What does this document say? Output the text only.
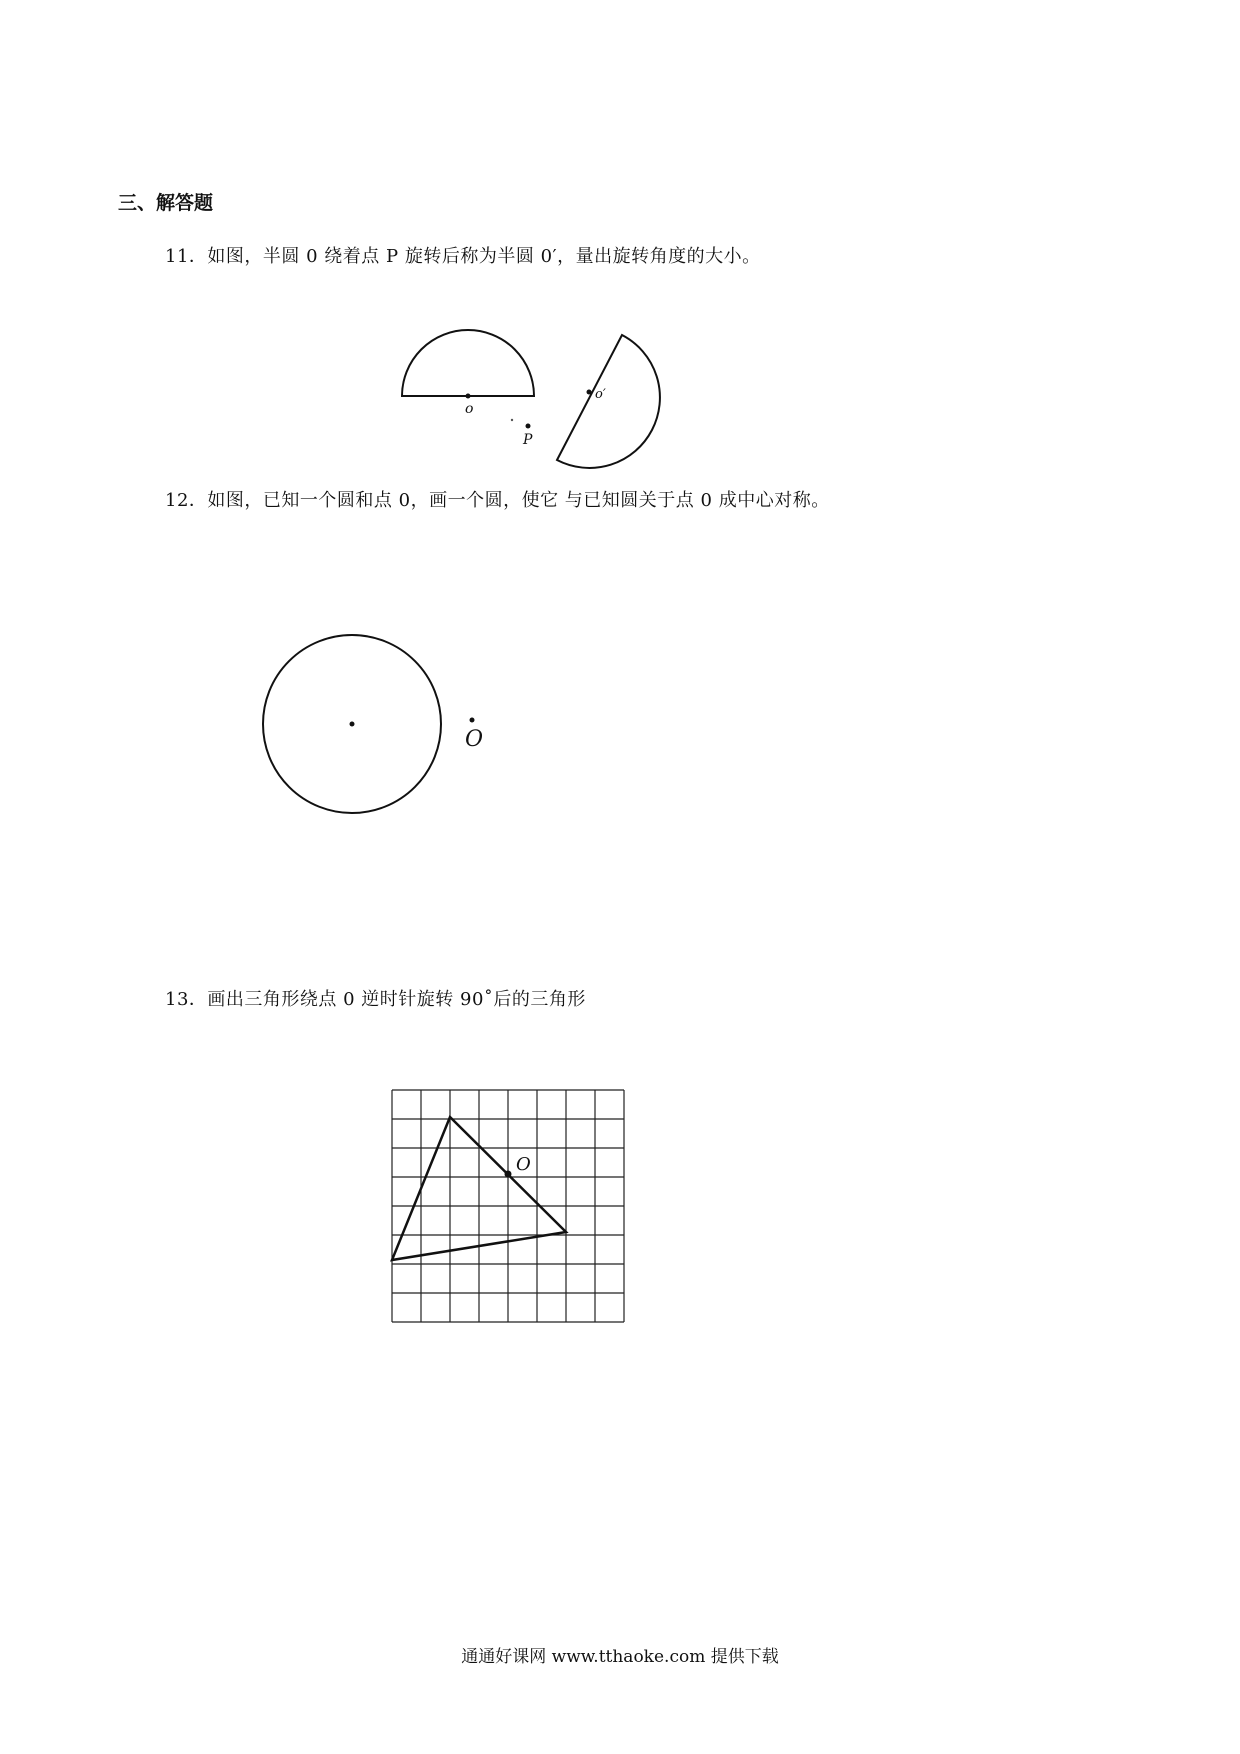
三、解答题
11．如图，半圆 0 绕着点 P 旋转后称为半圆 0′，量出旋转角度的大小。
o
o′
P
12．如图，已知一个圆和点 0，画一个圆，使它 与已知圆关于点 0 成中心对称。
O
13．画出三角形绕点 0 逆时针旋转 90˚后的三角形
O
通通好课网 www.tthaoke.com 提供下载
